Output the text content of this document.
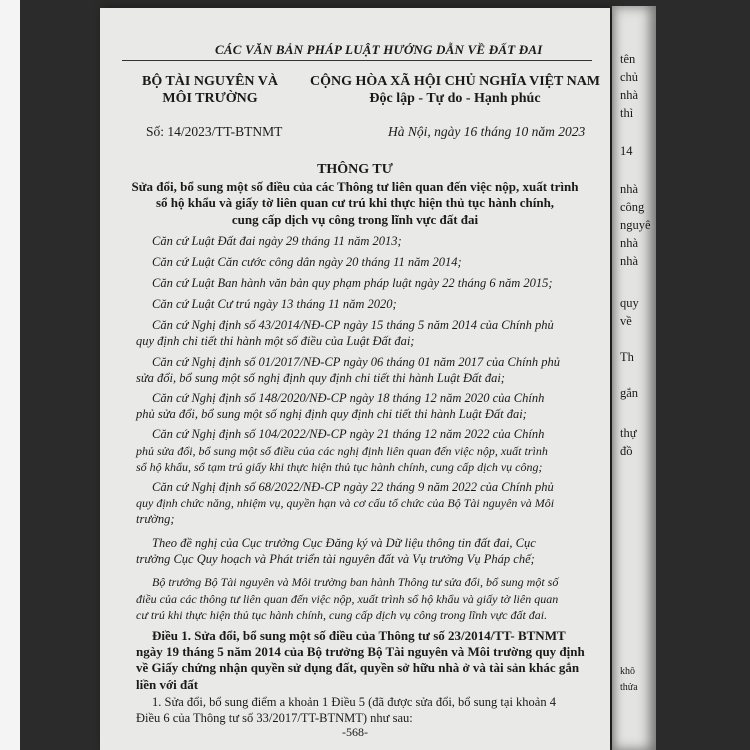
tên
chủ
nhà
thì
14
nhà
công
nguyê
nhà
nhà
quy
về
Th
gắn
thự
đồ
khô
thửa
CÁC VĂN BẢN PHÁP LUẬT HƯỚNG DẪN VỀ ĐẤT ĐAI
BỘ TÀI NGUYÊN VÀ
MÔI TRƯỜNG
CỘNG HÒA XÃ HỘI CHỦ NGHĨA VIỆT NAM
Độc lập - Tự do - Hạnh phúc
Số: 14/2023/TT-BTNMT	Hà Nội, ngày 16 tháng 10 năm 2023
THÔNG TƯ
Sửa đổi, bổ sung một số điều của các Thông tư liên quan đến việc nộp, xuất trình
sổ hộ khẩu và giấy tờ liên quan cư trú khi thực hiện thủ tục hành chính,
cung cấp dịch vụ công trong lĩnh vực đất đai
Căn cứ Luật Đất đai ngày 29 tháng 11 năm 2013;
Căn cứ Luật Căn cước công dân ngày 20 tháng 11 năm 2014;
Căn cứ Luật Ban hành văn bản quy phạm pháp luật ngày 22 tháng 6 năm 2015;
Căn cứ Luật Cư trú ngày 13 tháng 11 năm 2020;
Căn cứ Nghị định số 43/2014/NĐ-CP ngày 15 tháng 5 năm 2014 của Chính phủ
quy định chi tiết thi hành một số điều của Luật Đất đai;
Căn cứ Nghị định số 01/2017/NĐ-CP ngày 06 tháng 01 năm 2017 của Chính phủ
sửa đổi, bổ sung một số nghị định quy định chi tiết thi hành Luật Đất đai;
Căn cứ Nghị định số 148/2020/NĐ-CP ngày 18 tháng 12 năm 2020 của Chính
phủ sửa đổi, bổ sung một số nghị định quy định chi tiết thi hành Luật Đất đai;
Căn cứ Nghị định số 104/2022/NĐ-CP ngày 21 tháng 12 năm 2022 của Chính
phủ sửa đổi, bổ sung một số điều của các nghị định liên quan đến việc nộp, xuất trình
sổ hộ khẩu, sổ tạm trú giấy khi thực hiện thủ tục hành chính, cung cấp dịch vụ công;
Căn cứ Nghị định số 68/2022/NĐ-CP ngày 22 tháng 9 năm 2022 của Chính phủ
quy định chức năng, nhiệm vụ, quyền hạn và cơ cấu tổ chức của Bộ Tài nguyên và Môi
trường;
Theo đề nghị của Cục trưởng Cục Đăng ký và Dữ liệu thông tin đất đai, Cục
trưởng Cục Quy hoạch và Phát triển tài nguyên đất và Vụ trưởng Vụ Pháp chế;
Bộ trưởng Bộ Tài nguyên và Môi trường ban hành Thông tư sửa đổi, bổ sung một số
điều của các thông tư liên quan đến việc nộp, xuất trình sổ hộ khẩu và giấy tờ liên quan
cư trú khi thực hiện thủ tục hành chính, cung cấp dịch vụ công trong lĩnh vực đất đai.
Điều 1. Sửa đổi, bổ sung một số điều của Thông tư số 23/2014/TT- BTNMT
ngày 19 tháng 5 năm 2014 của Bộ trưởng Bộ Tài nguyên và Môi trường quy định
về Giấy chứng nhận quyền sử dụng đất, quyền sở hữu nhà ở và tài sản khác gắn
liền với đất
1. Sửa đổi, bổ sung điểm a khoản 1 Điều 5 (đã được sửa đổi, bổ sung tại khoản 4
Điều 6 của Thông tư số 33/2017/TT-BTNMT) như sau:
-568-
